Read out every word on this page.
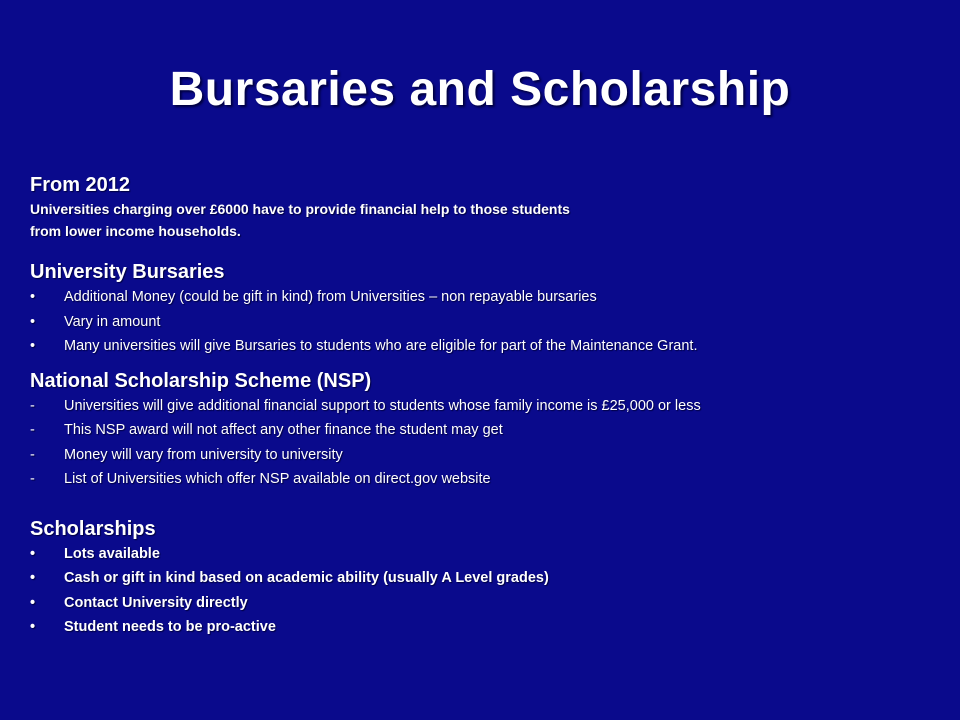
Bursaries and Scholarship

From 2012

Universities charging over £6000 have to provide financial help to those students

from lower income households.

University Bursaries

•	Additional Money (could be gift in kind) from Universities – non repayable bursaries
•	Vary in amount
•	Many universities will give Bursaries to students who are eligible for part of the Maintenance Grant.

National Scholarship Scheme (NSP)

-	Universities will give additional financial support to students whose family income is £25,000 or less
-	This NSP award will not affect any other finance the student may get
-	Money will vary from university to university
-	List of Universities which offer NSP available on direct.gov website

Scholarships

•	Lots available
•	Cash or gift in kind based on academic ability (usually A Level grades)
•	Contact University directly
•	Student needs to be pro-active
